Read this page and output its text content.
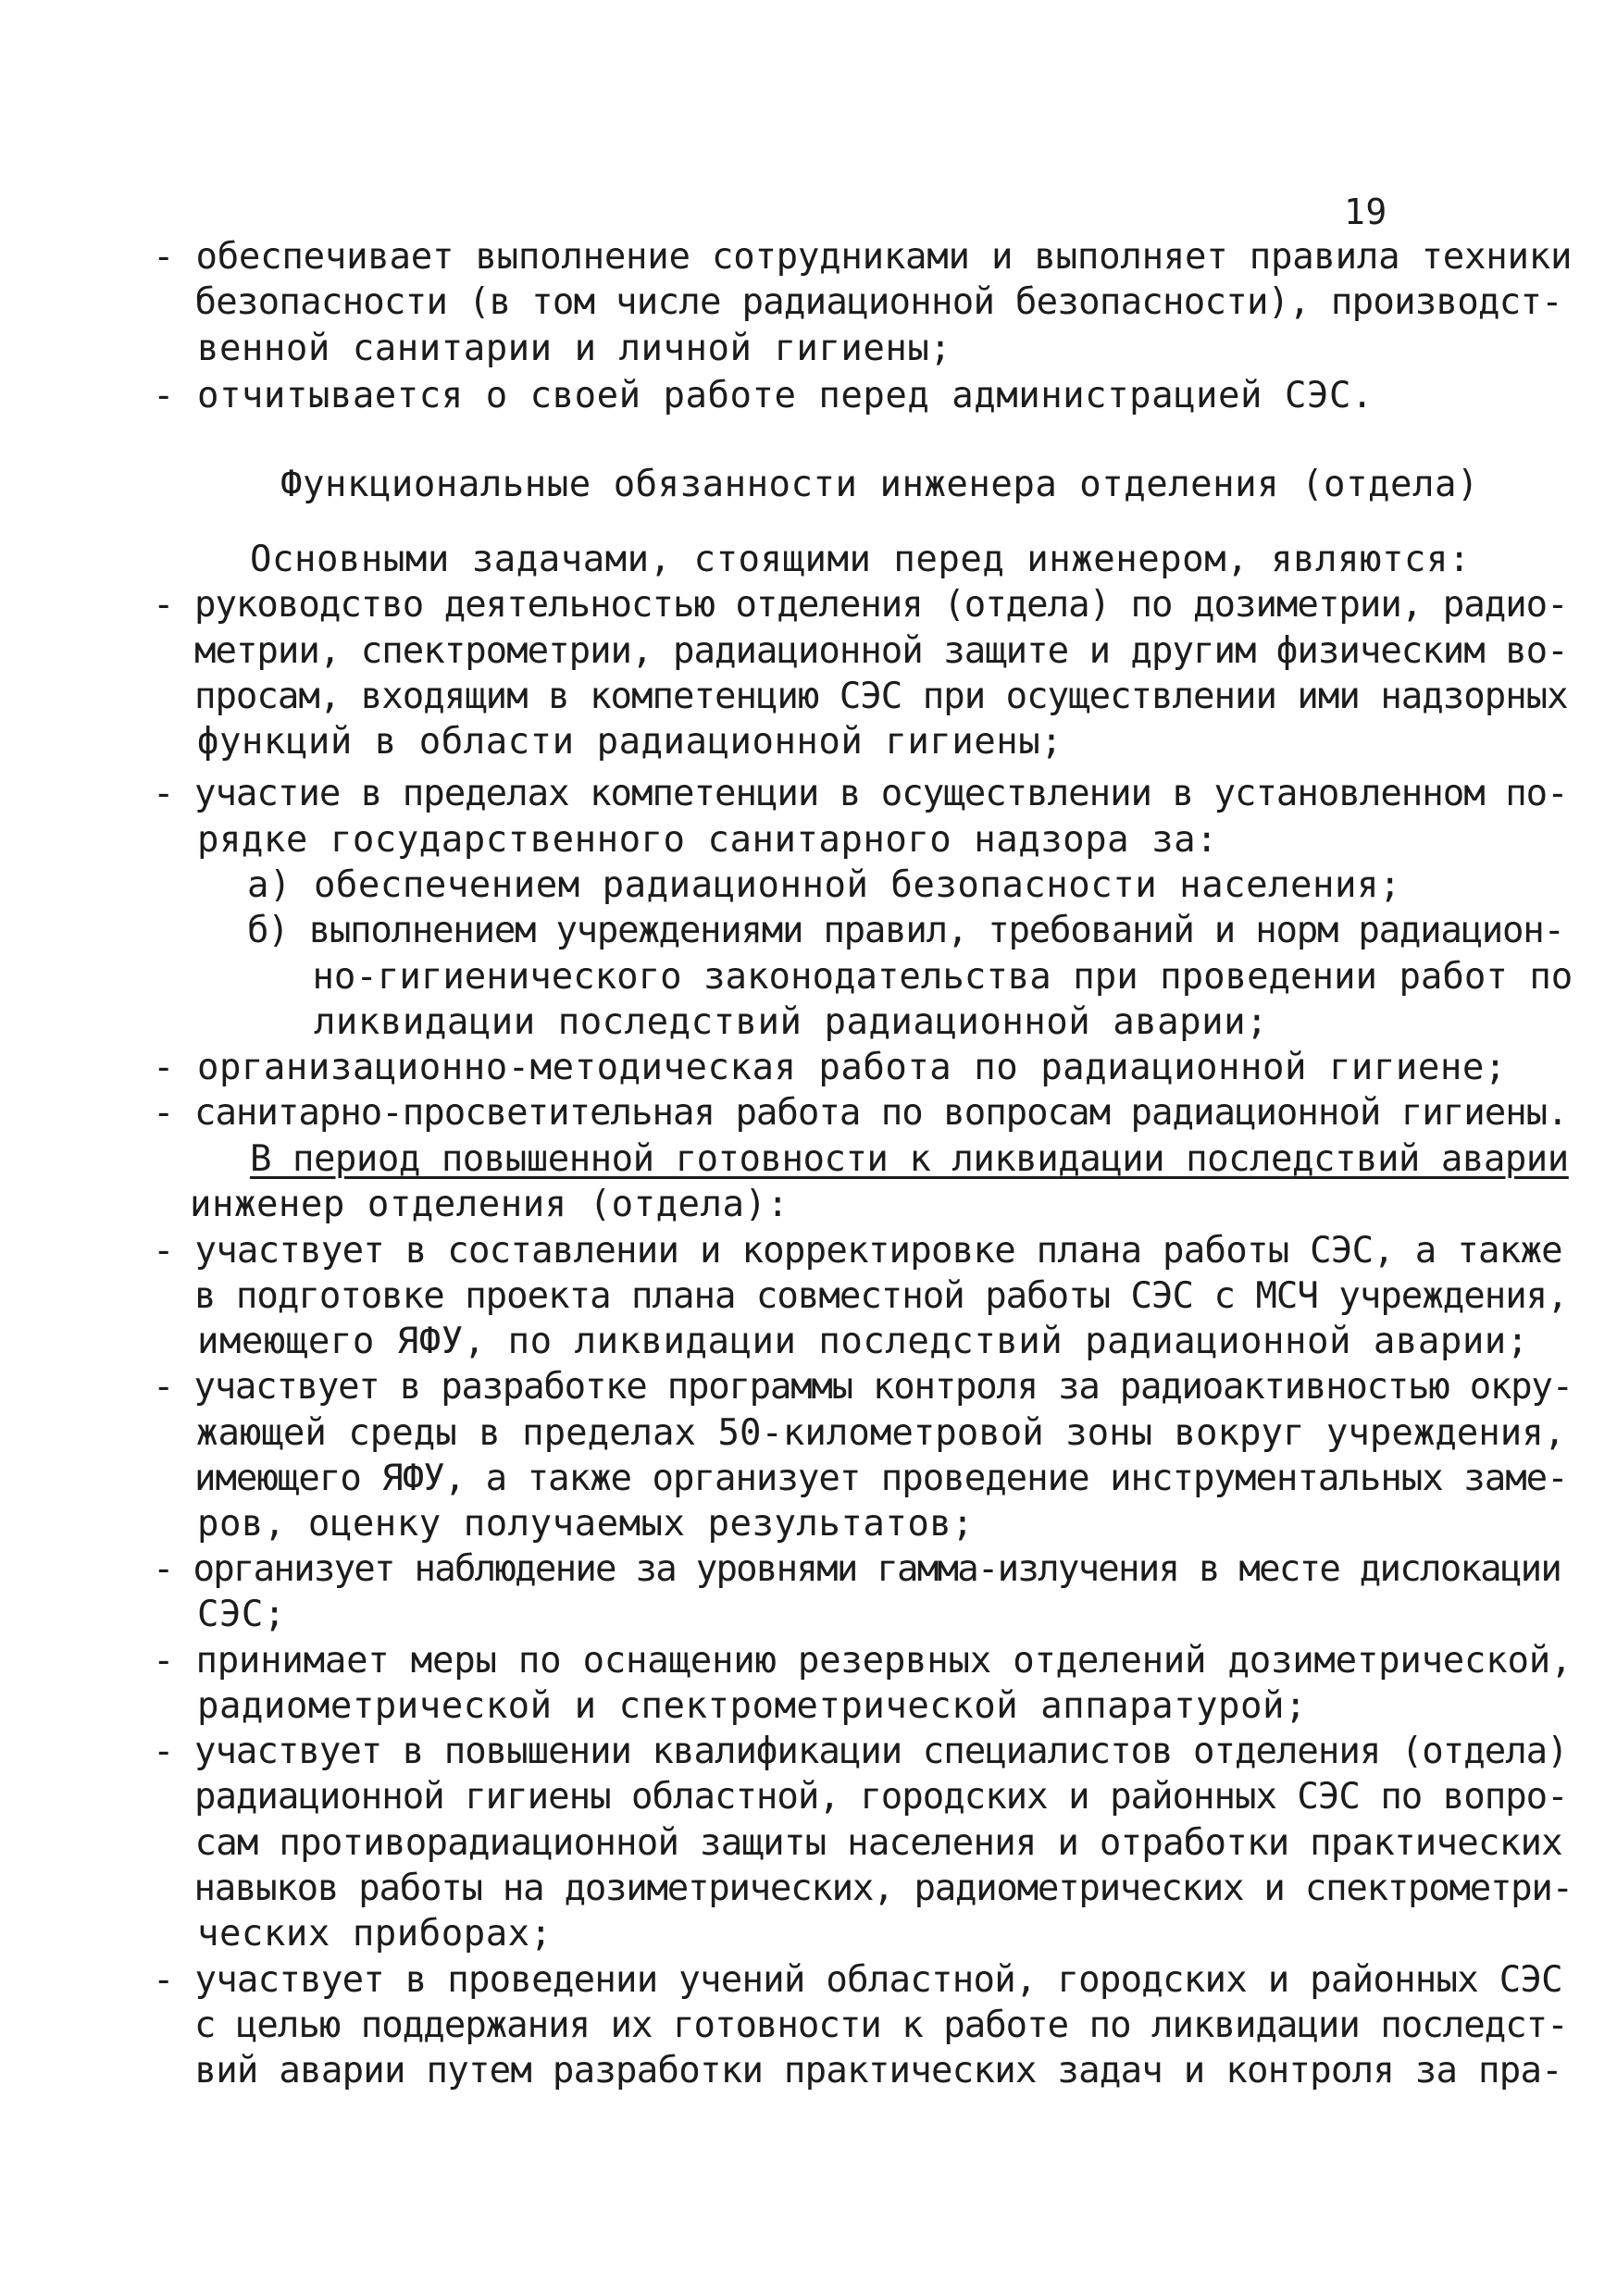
19
- обеспечивает выполнение сотрудниками и выполняет правила техники
безопасности (в том числе радиационной безопасности), производст-
венной санитарии и личной гигиены;
- отчитывается о своей работе перед администрацией СЭС.
Функциональные обязанности инженера отделения (отдела)
Основными задачами, стоящими перед инженером, являются:
- руководство деятельностью отделения (отдела) по дозиметрии, радио-
метрии, спектрометрии, радиационной защите и другим физическим во-
просам, входящим в компетенцию СЭС при осуществлении ими надзорных
функций в области радиационной гигиены;
- участие в пределах компетенции в осуществлении в установленном по-
рядке государственного санитарного надзора за:
а) обеспечением радиационной безопасности населения;
б) выполнением учреждениями правил, требований и норм радиацион-
но-гигиенического законодательства при проведении работ по
ликвидации последствий радиационной аварии;
- организационно-методическая работа по радиационной гигиене;
- санитарно-просветительная работа по вопросам радиационной гигиены.
В период повышенной готовности к ликвидации последствий аварии
инженер отделения (отдела):
- участвует в составлении и корректировке плана работы СЭС, а также
в подготовке проекта плана совместной работы СЭС с МСЧ учреждения,
имеющего ЯФУ, по ликвидации последствий радиационной аварии;
- участвует в разработке программы контроля за радиоактивностью окру-
жающей среды в пределах 50-километровой зоны вокруг учреждения,
имеющего ЯФУ, а также организует проведение инструментальных заме-
ров, оценку получаемых результатов;
- организует наблюдение за уровнями гамма-излучения в месте дислокации
СЭС;
- принимает меры по оснащению резервных отделений дозиметрической,
радиометрической и спектрометрической аппаратурой;
- участвует в повышении квалификации специалистов отделения (отдела)
радиационной гигиены областной, городских и районных СЭС по вопро-
сам противорадиационной защиты населения и отработки практических
навыков работы на дозиметрических, радиометрических и спектрометри-
ческих приборах;
- участвует в проведении учений областной, городских и районных СЭС
с целью поддержания их готовности к работе по ликвидации последст-
вий аварии путем разработки практических задач и контроля за пра-
